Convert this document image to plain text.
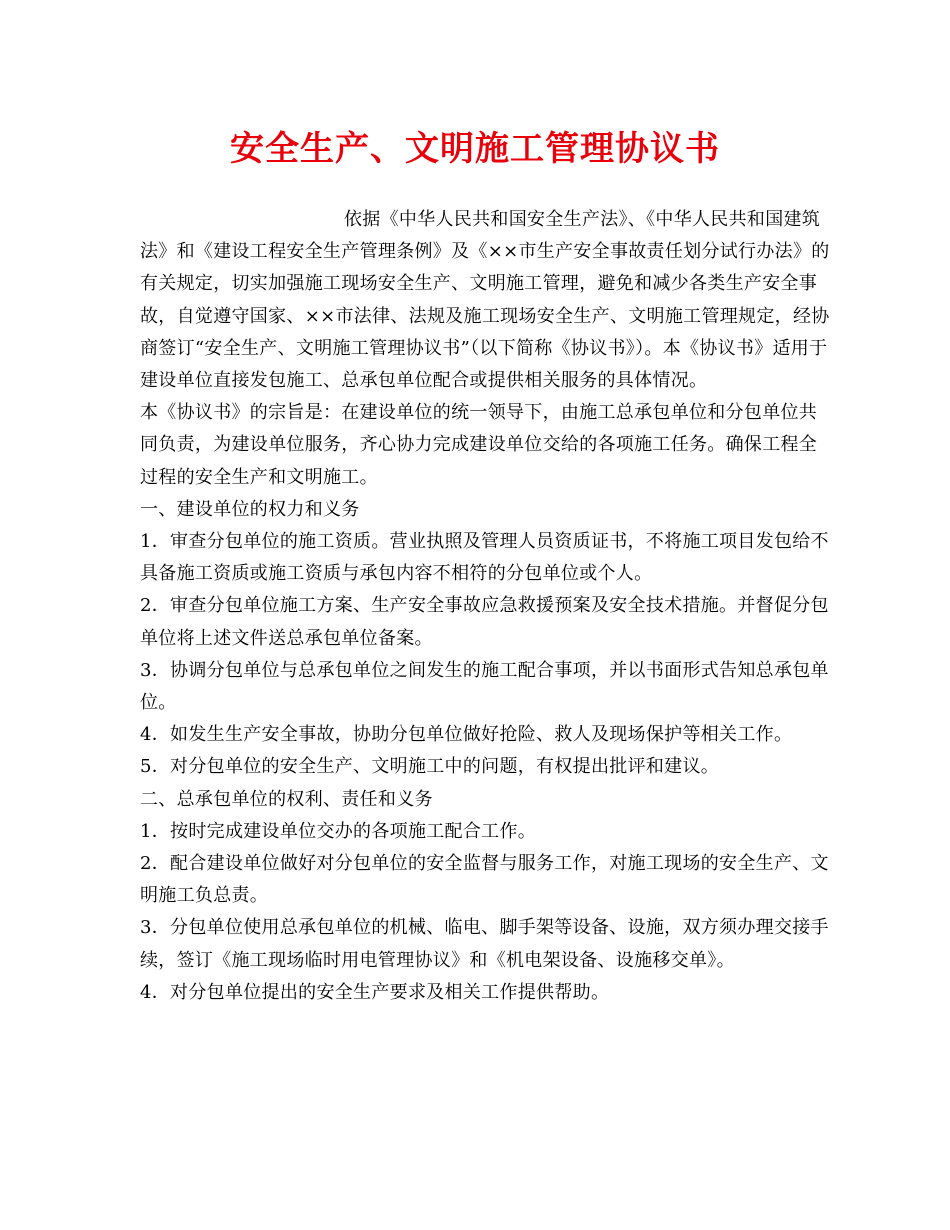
安全生产、文明施工管理协议书

依据《中华人民共和国安全生产法》、《中华人民共和国建筑法》和《建设工程安全生产管理条例》及《××市生产安全事故责任划分试行办法》的有关规定，切实加强施工现场安全生产、文明施工管理，避免和减少各类生产安全事故，自觉遵守国家、××市法律、法规及施工现场安全生产、文明施工管理规定，经协商签订“安全生产、文明施工管理协议书”（以下简称《协议书》）。本《协议书》适用于建设单位直接发包施工、总承包单位配合或提供相关服务的具体情况。

本《协议书》的宗旨是：在建设单位的统一领导下，由施工总承包单位和分包单位共同负责，为建设单位服务，齐心协力完成建设单位交给的各项施工任务。确保工程全过程的安全生产和文明施工。

一、建设单位的权力和义务

1．审查分包单位的施工资质。营业执照及管理人员资质证书，不将施工项目发包给不具备施工资质或施工资质与承包内容不相符的分包单位或个人。

2．审查分包单位施工方案、生产安全事故应急救援预案及安全技术措施。并督促分包单位将上述文件送总承包单位备案。

3．协调分包单位与总承包单位之间发生的施工配合事项，并以书面形式告知总承包单位。

4．如发生生产安全事故，协助分包单位做好抢险、救人及现场保护等相关工作。

5．对分包单位的安全生产、文明施工中的问题，有权提出批评和建议。

二、总承包单位的权利、责任和义务

1．按时完成建设单位交办的各项施工配合工作。

2．配合建设单位做好对分包单位的安全监督与服务工作，对施工现场的安全生产、文明施工负总责。

3．分包单位使用总承包单位的机械、临电、脚手架等设备、设施，双方须办理交接手续，签订《施工现场临时用电管理协议》和《机电架设备、设施移交单》。

4．对分包单位提出的安全生产要求及相关工作提供帮助。
